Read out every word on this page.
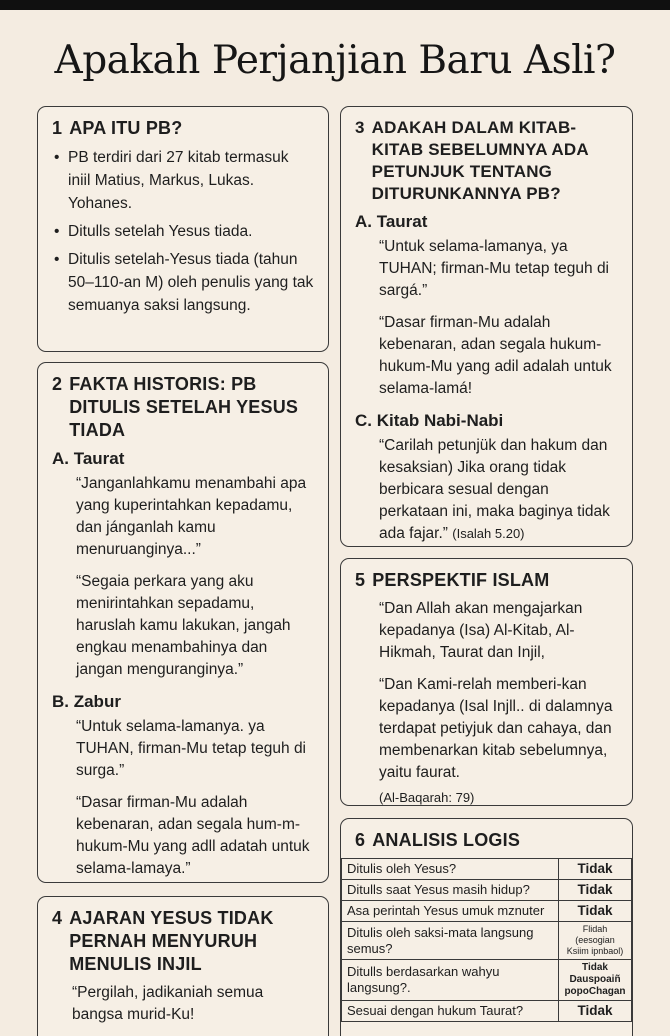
Apakah Perjanjian Baru Asli?
1 APA ITU PB?
• PB terdiri dari 27 kitab termasuk iniil Matius, Markus, Lukas. Yohanes.
• Ditulls setelah Yesus tiada.
• Ditulis setelah-Yesus tiada (tahun 50–110-an M) oleh penulis yang tak semuanya saksi langsung.
2 FAKTA HISTORIS: PB DITULIS SETELAH YESUS TIADA
A. Taurat

“Janganlahkamu menambahi apa yang kuperintahkan kepadamu, dan jánganlah kamu menuruanginya...”

“Segaia perkara yang aku menirintahkan sepadamu, haruslah kamu lakukan, jangah engkau menambahinya dan jangan menguranginya.”

B. Zabur

“Untuk selama-lamanya. ya TUHAN, firman-Mu tetap teguh di surga.”

“Dasar firman-Mu adalah kebenaran, adan segala hum-m-hukum-Mu yang adll adatah untuk selama-lamaya.”

4 AJARAN YESUS TIDAK PERNAH MENYURUH MENULIS INJIL

“Pergilah, jadikaniah semua bangsa murid-Ku!

3 ADAKAH DALAM KITAB-KITAB SEBELUMNYA ADA PETUNJUK TENTANG DITURUNKANNYA PB?
A. Taurat

“Untuk selama-lamanya, ya TUHAN; firman-Mu tetap teguh di sargá.”

“Dasar firman-Mu adalah kebenaran, adan segala hukum-hukum-Mu yang adil adalah untuk selama-lamá!

C. Kitab Nabi-Nabi

“Carilah petunjük dan hakum dan kesaksian) Jika orang tidak berbicara sesual dengan perkataan ini, maka baginya tidak ada fajar.” (Isalah 5.20)

5 PERSPEKTIF ISLAM

“Dan Allah akan mengajarkan kepadanya (Isa) Al-Kitab, Al-Hikmah, Taurat dan Injil,

“Dan Kami-relah memberi-kan kepadanya (Isal Injll.. di dalamnya terdapat petiyjuk dan cahaya, dan membenarkan kitab sebelumnya, yaitu faurat.

(Al-Baqarah: 79)
6 ANALISIS LOGIS
Ditulis oleh Yesus?	Tidak
Ditulls saat Yesus masih hidup?	Tidak
Asa perintah Yesus umuk mznuter	Tidak
Ditulis oleh saksi-mata langsung semus?	Flidah (eesogian Ksiim ipnbaol)
Ditulls berdasarkan wahyu langsung?.	Tidak Dauspoaiñ popoChagan
Sesuai dengan hukum Taurat?	Tidak
